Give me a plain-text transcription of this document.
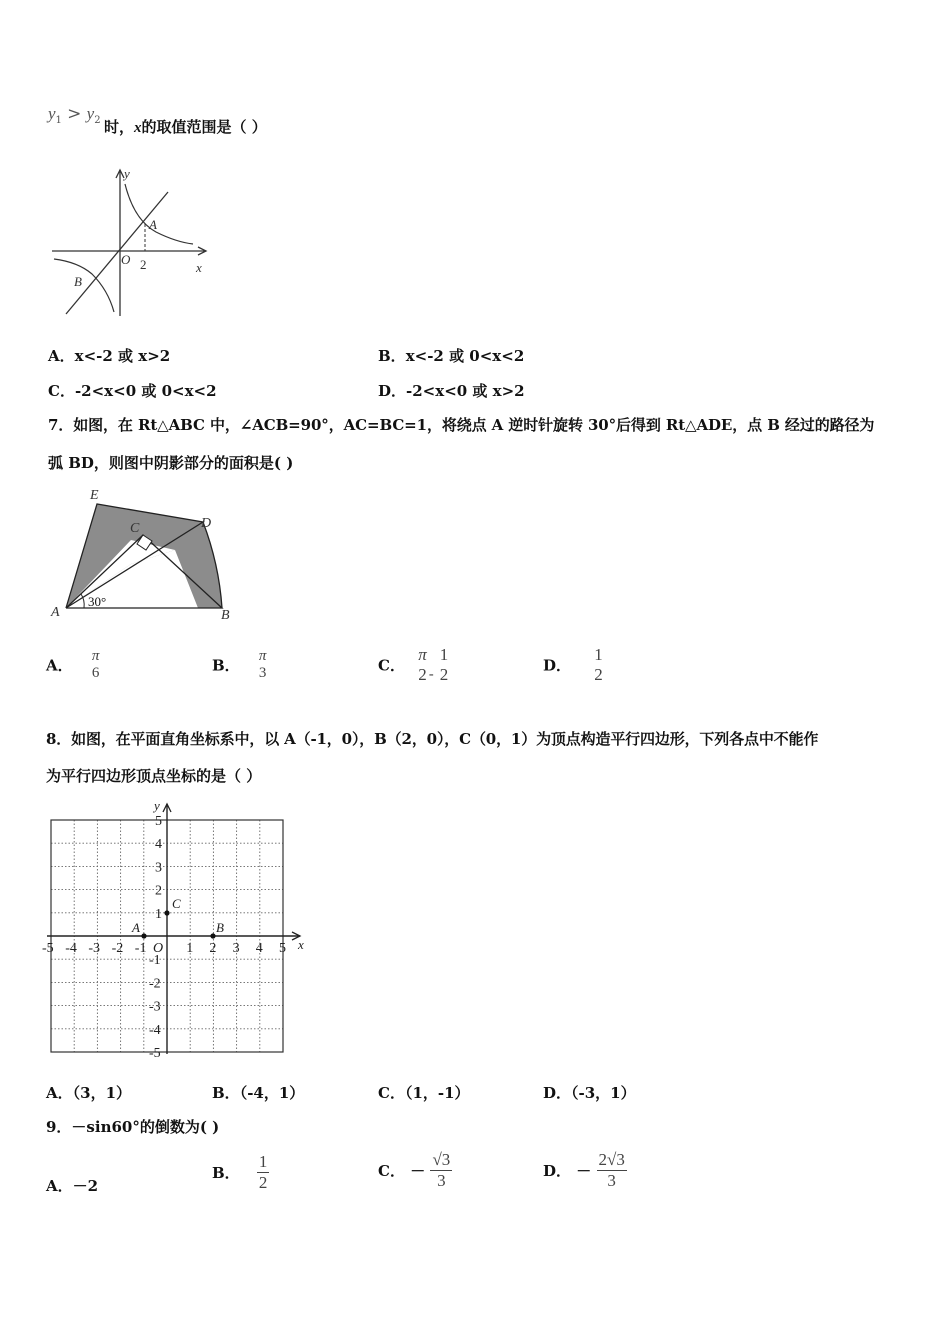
$y_1 > y_2$ 时，x的取值范围是（ ）
y
x
O 2
A
B
A．x<-2 或 x>2	B．x<-2 或 0<x<2
C．-2<x<0 或 0<x<2	D．-2<x<0 或 x>2
7．如图，在 Rt△ABC 中，∠ACB=90°，AC=BC=1，将绕点 A 逆时针旋转 30°后得到 Rt△ADE，点 B 经过的路径为
弧 BD，则图中阴影部分的面积是( )
E
C	D
A	B
30°
A．
π
6	B．
π
3	C．
π
2 -
1
2	D．
1
2
8．如图，在平面直角坐标系中，以 A（-1，0），B（2，0），C（0，1）为顶点构造平行四边形，下列各点中不能作
为平行四边形顶点坐标的是（ ）
-5 -4 -3 -2 -1	1 2 3 4 5
5
4
3
2
1
-1
-2
-3
-4
-5
A	B
C
O	x
y
A．（3，1）	B．（-4，1）	C．（1，-1）	D．（-3，1）
9．－sin60°的倒数为( )
A．－2
B． $\frac{1}{2}$	C． － $\frac{√3}{3}$	D． － $\frac{2√3}{3}$
